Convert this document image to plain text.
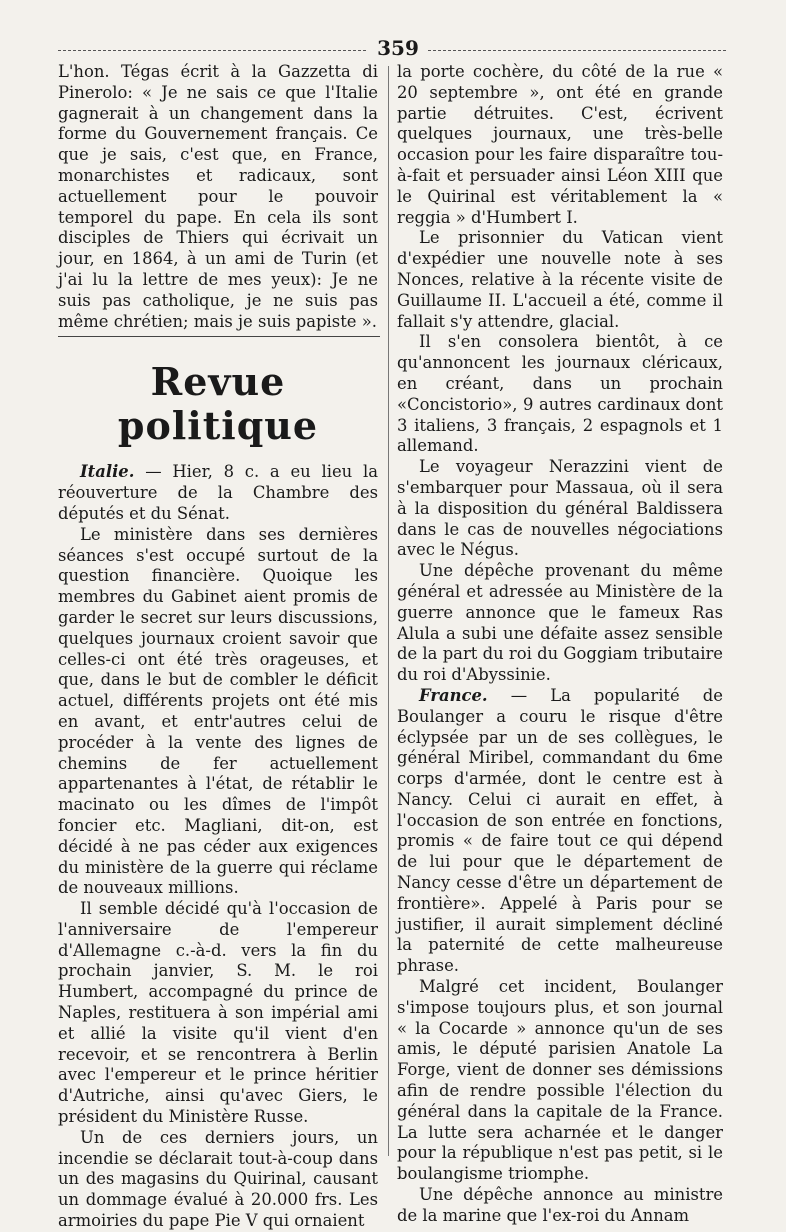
359

L'hon. Tégas écrit à la Gazzetta di Pinerolo: « Je ne sais ce que l'Italie gagnerait à un changement dans la forme du Gouvernement français. Ce que je sais, c'est que, en France, monarchistes et radicaux, sont actuellement pour le pouvoir temporel du pape. En cela ils sont disciples de Thiers qui écrivait un jour, en 1864, à un ami de Turin (et j'ai lu la lettre de mes yeux): Je ne suis pas catholique, je ne suis pas même chrétien; mais je suis papiste ».

Revue politique

Italie. — Hier, 8 c. a eu lieu la réouverture de la Chambre des députés et du Sénat.

Le ministère dans ses dernières séances s'est occupé surtout de la question financière. Quoique les membres du Gabinet aient promis de garder le secret sur leurs discussions, quelques journaux croient savoir que celles-ci ont été très orageuses, et que, dans le but de combler le déficit actuel, différents projets ont été mis en avant, et entr'autres celui de procéder à la vente des lignes de chemins de fer actuellement appartenantes à l'état, de rétablir le macinato ou les dîmes de l'impôt foncier etc. Magliani, dit-on, est décidé à ne pas céder aux exigences du ministère de la guerre qui réclame de nouveaux millions.

Il semble décidé qu'à l'occasion de l'anniversaire de l'empereur d'Allemagne c.-à-d. vers la fin du prochain janvier, S. M. le roi Humbert, accompagné du prince de Naples, restituera à son impérial ami et allié la visite qu'il vient d'en recevoir, et se rencontrera à Berlin avec l'empereur et le prince héritier d'Autriche, ainsi qu'avec Giers, le président du Ministère Russe.

Un de ces derniers jours, un incendie se déclarait tout-à-coup dans un des magasins du Quirinal, causant un dommage évalué à 20.000 frs. Les armoiries du pape Pie V qui ornaient

la porte cochère, du côté de la rue « 20 septembre », ont été en grande partie détruites. C'est, écrivent quelques journaux, une très-belle occasion pour les faire disparaître tou-à-fait et persuader ainsi Léon XIII que le Quirinal est véritablement la « reggia » d'Humbert I.

Le prisonnier du Vatican vient d'expédier une nouvelle note à ses Nonces, relative à la récente visite de Guillaume II. L'accueil a été, comme il fallait s'y attendre, glacial.

Il s'en consolera bientôt, à ce qu'annoncent les journaux cléricaux, en créant, dans un prochain «Concistorio», 9 autres cardinaux dont 3 italiens, 3 français, 2 espagnols et 1 allemand.

Le voyageur Nerazzini vient de s'embarquer pour Massaua, où il sera à la disposition du général Baldissera dans le cas de nouvelles négociations avec le Négus.

Une dépêche provenant du même général et adressée au Ministère de la guerre annonce que le fameux Ras Alula a subi une défaite assez sensible de la part du roi du Goggiam tributaire du roi d'Abyssinie.

France. — La popularité de Boulanger a couru le risque d'être éclypsée par un de ses collègues, le général Miribel, commandant du 6me corps d'armée, dont le centre est à Nancy. Celui ci aurait en effet, à l'occasion de son entrée en fonctions, promis « de faire tout ce qui dépend de lui pour que le département de Nancy cesse d'être un département de frontière». Appelé à Paris pour se justifier, il aurait simplement décliné la paternité de cette malheureuse phrase.

Malgré cet incident, Boulanger s'impose toujours plus, et son journal « la Cocarde » annonce qu'un de ses amis, le député parisien Anatole La Forge, vient de donner ses démissions afin de rendre possible l'élection du général dans la capitale de la France. La lutte sera acharnée et le danger pour la république n'est pas petit, si le boulangisme triomphe.

Une dépêche annonce au ministre de la marine que l'ex-roi du Annam
